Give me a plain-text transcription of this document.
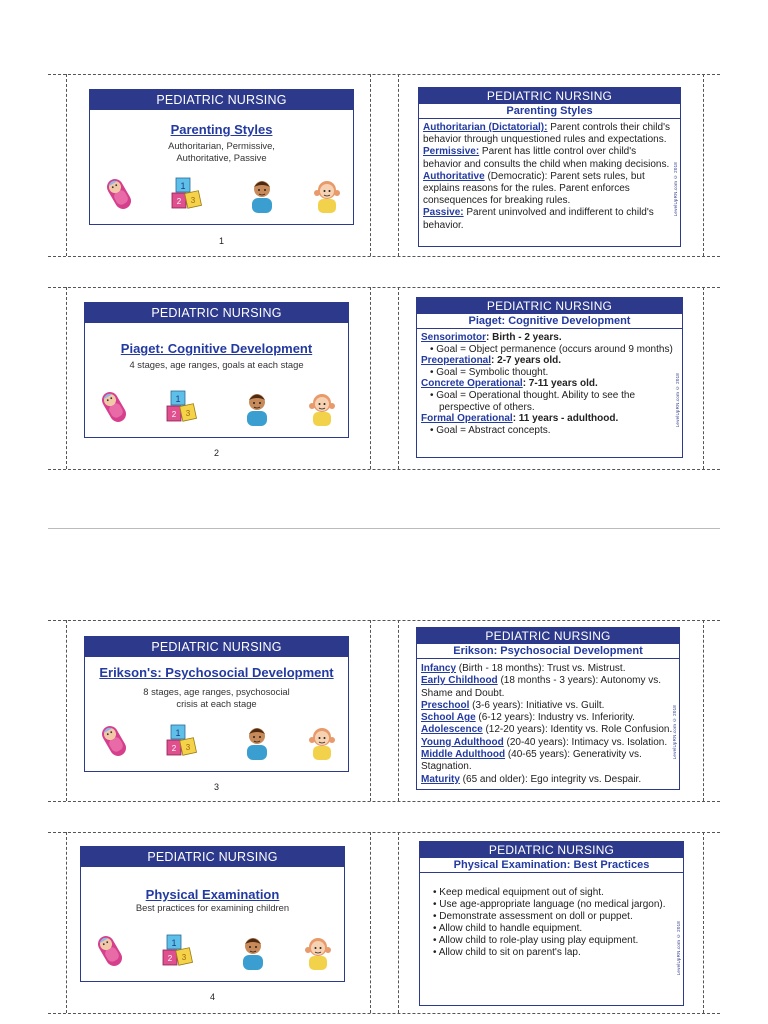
PEDIATRIC NURSING
Parenting Styles
Authoritarian, Permissive,
Authoritative, Passive
1
2 3
1
PEDIATRIC NURSING
Parenting Styles

Authoritarian (Dictatorial): Parent controls their child's behavior through unquestioned rules and expectations.

Permissive: Parent has little control over child's behavior and consults the child when making decisions.

Authoritative (Democratic): Parent sets rules, but explains reasons for the rules. Parent enforces consequences for breaking rules.

Passive: Parent uninvolved and indifferent to child's behavior.

LevelUpRN.com © 2018
PEDIATRIC NURSING
Piaget: Cognitive Development
4 stages, age ranges, goals at each stage
1
2 3
2
PEDIATRIC NURSING
Piaget: Cognitive Development

Sensorimotor: Birth - 2 years.

• Goal = Object permanence (occurs around 9 months)

Preoperational: 2-7 years old.

• Goal = Symbolic thought.

Concrete Operational: 7-11 years old.

• Goal = Operational thought. Ability to see the perspective of others.

Formal Operational: 11 years - adulthood.

• Goal = Abstract concepts.

LevelUpRN.com © 2018
PEDIATRIC NURSING
Erikson's: Psychosocial Development
8 stages, age ranges, psychosocial
crisis at each stage
1
2 3
3
PEDIATRIC NURSING
Erikson: Psychosocial Development

Infancy (Birth - 18 months): Trust vs. Mistrust.

Early Childhood (18 months - 3 years): Autonomy vs. Shame and Doubt.

Preschool (3-6 years): Initiative vs. Guilt.

School Age (6-12 years): Industry vs. Inferiority.

Adolescence (12-20 years): Identity vs. Role Confusion.

Young Adulthood (20-40 years): Intimacy vs. Isolation.

Middle Adulthood (40-65 years): Generativity vs. Stagnation.

Maturity (65 and older): Ego integrity vs. Despair.

LevelUpRN.com © 2018
PEDIATRIC NURSING
Physical Examination
Best practices for examining children
1
2 3
4
PEDIATRIC NURSING
Physical Examination: Best Practices

• Keep medical equipment out of sight.

• Use age-appropriate language (no medical jargon).

• Demonstrate assessment on doll or puppet.

• Allow child to handle equipment.

• Allow child to role-play using play equipment.

• Allow child to sit on parent's lap.	LevelUpRN.com © 2018
